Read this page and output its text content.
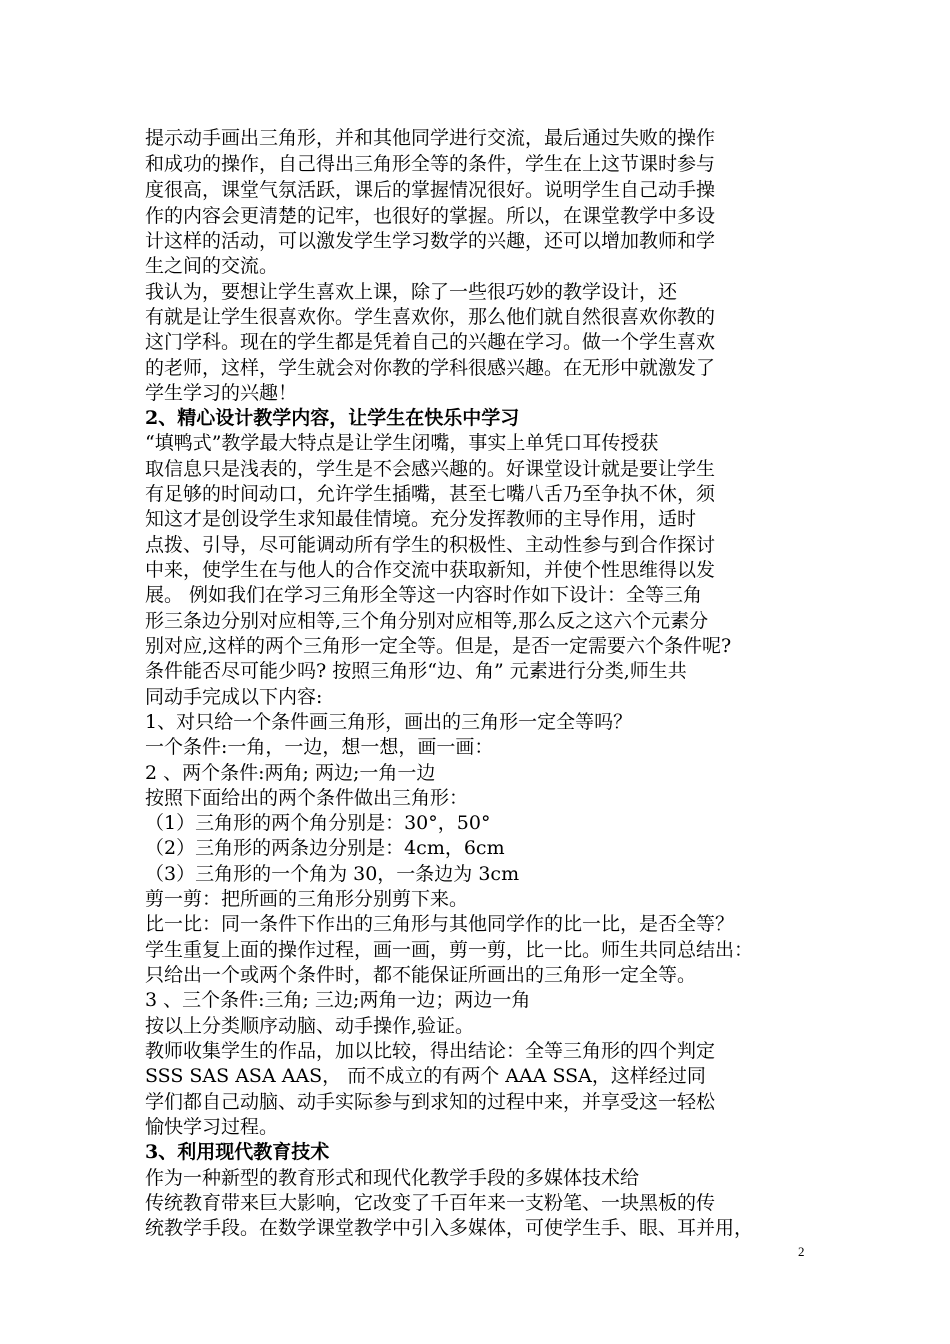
提示动手画出三角形，并和其他同学进行交流，最后通过失败的操作
和成功的操作，自己得出三角形全等的条件，学生在上这节课时参与
度很高，课堂气氛活跃，课后的掌握情况很好。说明学生自己动手操
作的内容会更清楚的记牢，也很好的掌握。所以，在课堂教学中多设
计这样的活动，可以激发学生学习数学的兴趣，还可以增加教师和学
生之间的交流。
我认为，要想让学生喜欢上课，除了一些很巧妙的教学设计，还
有就是让学生很喜欢你。学生喜欢你，那么他们就自然很喜欢你教的
这门学科。现在的学生都是凭着自己的兴趣在学习。做一个学生喜欢
的老师，这样，学生就会对你教的学科很感兴趣。在无形中就激发了
学生学习的兴趣！
2、精心设计教学内容，让学生在快乐中学习
“填鸭式”教学最大特点是让学生闭嘴，事实上单凭口耳传授获
取信息只是浅表的，学生是不会感兴趣的。好课堂设计就是要让学生
有足够的时间动口，允许学生插嘴，甚至七嘴八舌乃至争执不休，须
知这才是创设学生求知最佳情境。充分发挥教师的主导作用，适时
点拨、引导，尽可能调动所有学生的积极性、主动性参与到合作探讨
中来，使学生在与他人的合作交流中获取新知，并使个性思维得以发
展。 例如我们在学习三角形全等这一内容时作如下设计：全等三角
形三条边分别对应相等,三个角分别对应相等,那么反之这六个元素分
别对应,这样的两个三角形一定全等。但是，是否一定需要六个条件呢?
条件能否尽可能少吗? 按照三角形“边、角” 元素进行分类,师生共
同动手完成以下内容:
1、对只给一个条件画三角形，画出的三角形一定全等吗？
一个条件:一角，一边，想一想，画一画：
2 、两个条件:两角; 两边;一角一边
按照下面给出的两个条件做出三角形：
（1）三角形的两个角分别是：30°，50°
（2）三角形的两条边分别是：4cm，6cm
（3）三角形的一个角为 30，一条边为 3cm
剪一剪：把所画的三角形分别剪下来。
比一比：同一条件下作出的三角形与其他同学作的比一比，是否全等？
学生重复上面的操作过程，画一画，剪一剪，比一比。师生共同总结出：
只给出一个或两个条件时，都不能保证所画出的三角形一定全等。
3 、三个条件:三角; 三边;两角一边；两边一角
按以上分类顺序动脑、动手操作,验证。
教师收集学生的作品，加以比较，得出结论：全等三角形的四个判定
SSS SAS ASA AAS， 而不成立的有两个 AAA SSA，这样经过同
学们都自己动脑、动手实际参与到求知的过程中来，并享受这一轻松
愉快学习过程。
3、利用现代教育技术
作为一种新型的教育形式和现代化教学手段的多媒体技术给
传统教育带来巨大影响，它改变了千百年来一支粉笔、一块黑板的传
统教学手段。在数学课堂教学中引入多媒体，可使学生手、眼、耳并用，
2
